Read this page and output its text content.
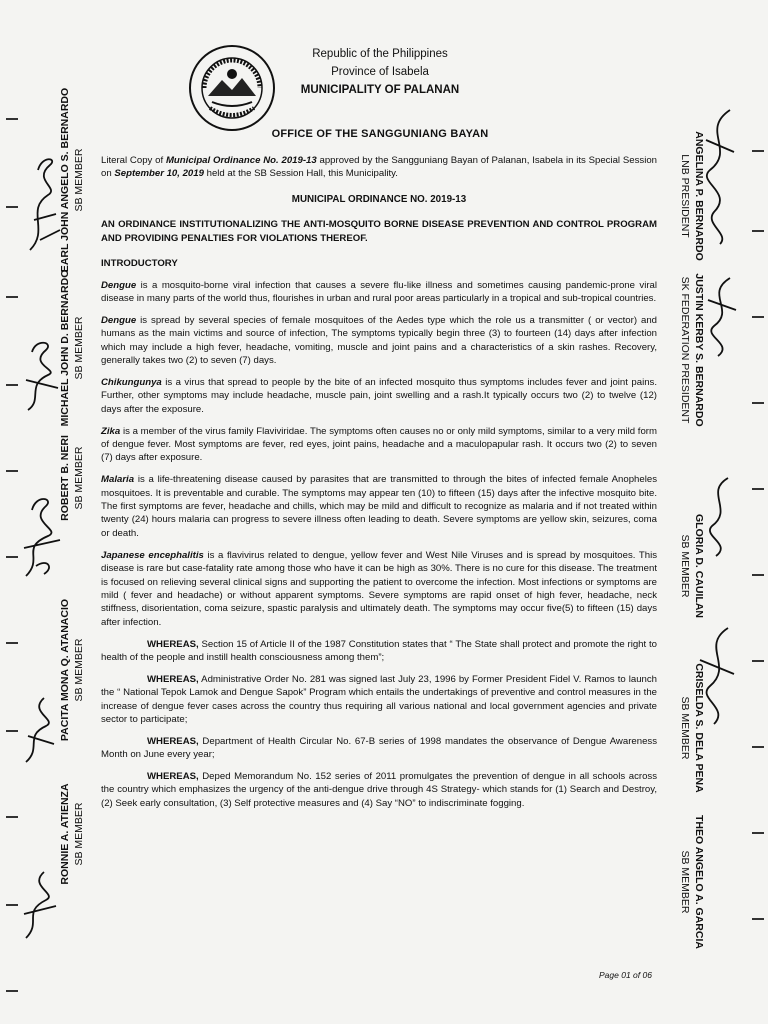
Republic of the Philippines
Province of Isabela
MUNICIPALITY OF PALANAN
OFFICE OF THE SANGGUNIANG BAYAN

Literal Copy of Municipal Ordinance No. 2019-13 approved by the Sangguniang Bayan of Palanan, Isabela in its Special Session on September 10, 2019 held at the SB Session Hall, this Municipality.

MUNICIPAL ORDINANCE NO. 2019-13

AN ORDINANCE INSTITUTIONALIZING THE ANTI-MOSQUITO BORNE DISEASE PREVENTION AND CONTROL PROGRAM AND PROVIDING PENALTIES FOR VIOLATIONS THEREOF.

INTRODUCTORY

Dengue is a mosquito-borne viral infection that causes a severe flu-like illness and sometimes causing pandemic-prone viral disease in many parts of the world thus, flourishes in urban and rural poor areas particularly in a tropical and sub-tropical countries.

Dengue is spread by several species of female mosquitoes of the Aedes type which the role us a transmitter ( or vector) and humans as the main victims and source of infection, The symptoms typically begin three (3) to fourteen (14) days after infection which may include a high fever, headache, vomiting, muscle and joint pains and a characteristics of a skin rashes. Recovery, generally takes two (2) to seven (7) days.

Chikungunya is a virus that spread to people by the bite of an infected mosquito thus symptoms includes fever and joint pains. Further, other symptoms may include headache, muscle pain, joint swelling and a rash.It typically occurs two (2) to twelve (12) days after the exposure.

Zika is a member of the virus family Flaviviridae. The symptoms often causes no or only mild symptoms, similar to a very mild form of dengue fever. Most symptoms are fever, red eyes, joint pains, headache and a maculopapular rash. It occurs two (2) to seven (7) days after exposure.

Malaria is a life-threatening disease caused by parasites that are transmitted to through the bites of infected female Anopheles mosquitoes. It is preventable and curable. The symptoms may appear ten (10) to fifteen (15) days after the infective mosquito bite. The first symptoms are fever, headache and chills, which may be mild and difficult to recognize as malaria and if not treated within twenty (24) hours malaria can progress to severe illness often leading to death. Severe symptoms are yellow skin, seizures, coma or death.

Japanese encephalitis is a flavivirus related to dengue, yellow fever and West Nile Viruses and is spread by mosquitoes. This disease is rare but case-fatality rate among those who have it can be high as 30%. There is no cure for this disease. The treatment is focused on relieving several clinical signs and supporting the patient to overcome the infection. Most infections or symptoms are mild ( fever and headache) or without apparent symptoms. Severe symptoms are rapid onset of high fever, headache, neck stiffness, disorientation, coma seizure, spastic paralysis and ultimately death. The symptoms may occur five(5) to fifteen (15) days after infection.

WHEREAS, Section 15 of Article II of the 1987 Constitution states that “ The State shall protect and promote the right to health of the people and instill health consciousness among them”;

WHEREAS, Administrative Order No. 281 was signed last July 23, 1996 by Former President Fidel V. Ramos to launch the “ National Tepok Lamok and Dengue Sapok” Program which entails the undertakings of preventive and control measures in the increase of dengue fever cases across the country thus requiring all various national and local government agencies and private sector to participate;

WHEREAS, Department of Health Circular No. 67-B series of 1998 mandates the observance of Dengue Awareness Month on June every year;

WHEREAS, Deped Memorandum No. 152 series of 2011 promulgates the prevention of dengue in all schools across the country which emphasizes the urgency of the anti-dengue drive through 4S Strategy- which stands for (1) Search and Destroy, (2) Seek early consultation, (3) Self protective measures and (4) Say “NO” to indiscriminate fogging.

EARL JOHN ANGELO S. BERNARDO SB MEMBER
MICHAEL JOHN D. BERNARDO SB MEMBER
ROBERT B. NERI SB MEMBER
PACITA MONA Q. ATANACIO SB MEMBER
RONNIE A. ATIENZA SB MEMBER
ANGELINA P. BERNARDO
LNB PRESIDENT
JUSTIN KERBY S. BERNARDO
SK FEDERATION PRESIDENT
GLORIA D. CAUILAN
SB MEMBER
CRISELDA S. DELA PENA
SB MEMBER
THEO ANGELO A. GARCIA
SB MEMBER
Page 01 of 06
